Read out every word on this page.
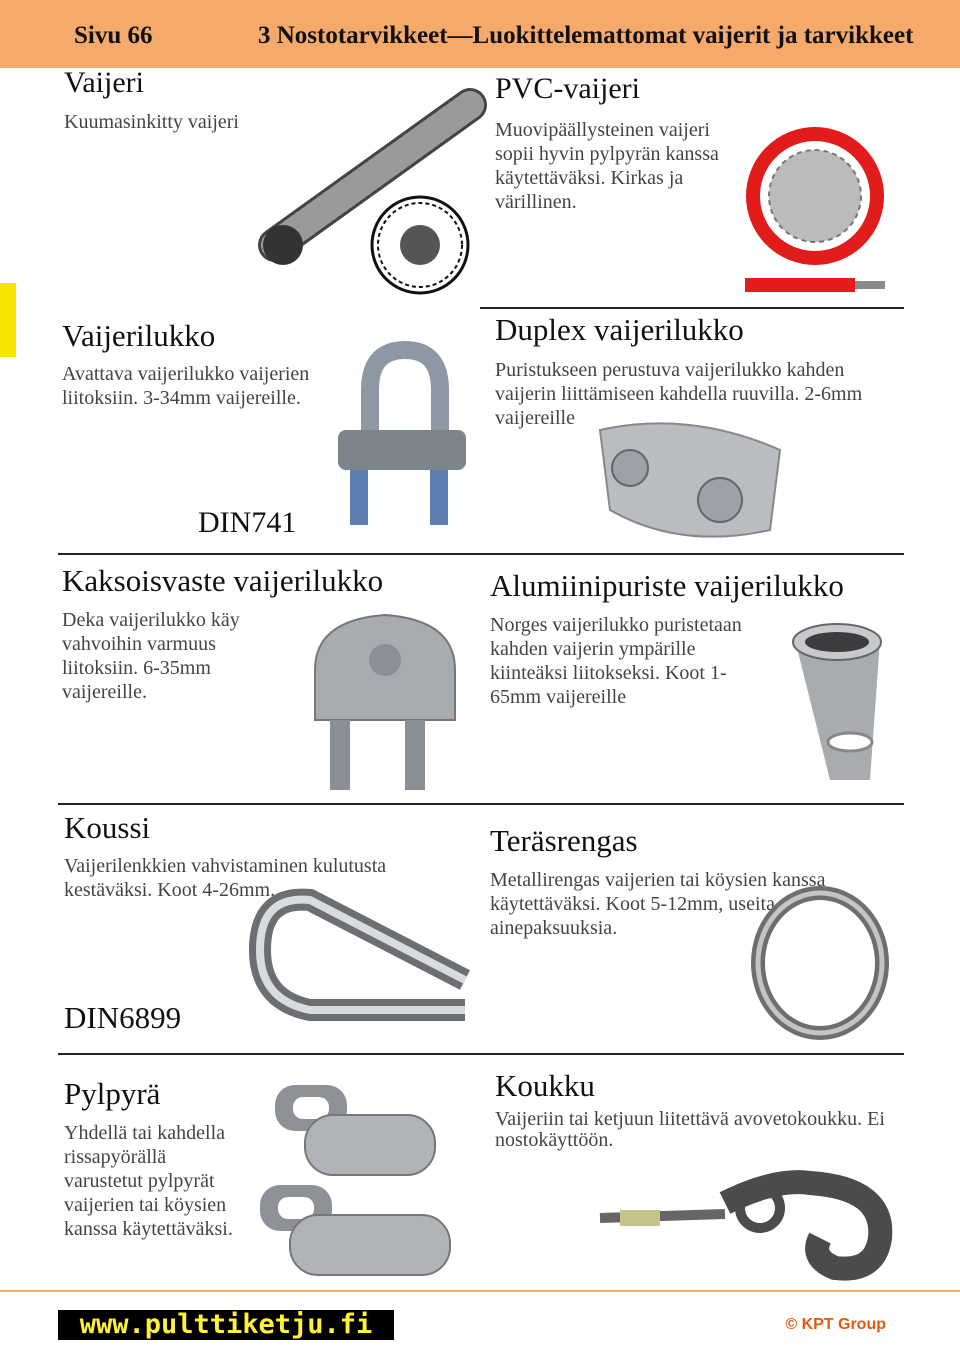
Sivu 66	3 Nostotarvikkeet—Luokittelemattomat vaijerit ja tarvikkeet
Vaijeri
Kuumasinkitty vaijeri
PVC-vaijeri
Muovipäällysteinen vaijeri sopii hyvin pylpyrän kanssa käytettäväksi. Kirkas ja värillinen.
Vaijerilukko
Avattava vaijerilukko vaijerien liitoksiin. 3-34mm vaijereille.
DIN741
Duplex vaijerilukko
Puristukseen perustuva vaijerilukko kahden vaijerin liittämiseen kahdella ruuvilla. 2-6mm vaijereille
Kaksoisvaste vaijerilukko
Deka vaijerilukko käy vahvoihin varmuus liitoksiin. 6-35mm vaijereille.
Alumiinipuriste vaijerilukko
Norges vaijerilukko puristetaan kahden vaijerin ympärille kiinteäksi liitokseksi. Koot 1-65mm vaijereille
Koussi
Vaijerilenkkien vahvistaminen kulutusta kestäväksi. Koot 4-26mm.
DIN6899
Teräsrengas
Metallirengas vaijerien tai köysien kanssa käytettäväksi. Koot 5-12mm, useita ainepaksuuksia.
Pylpyrä
Yhdellä tai kahdella rissapyörällä varustetut pylpyrät vaijerien tai köysien kanssa käytettäväksi.
Koukku
Vaijeriin tai ketjuun liitettävä avovetokoukku. Ei nostokäyttöön.
www.pulttiketju.fi	© KPT Group
